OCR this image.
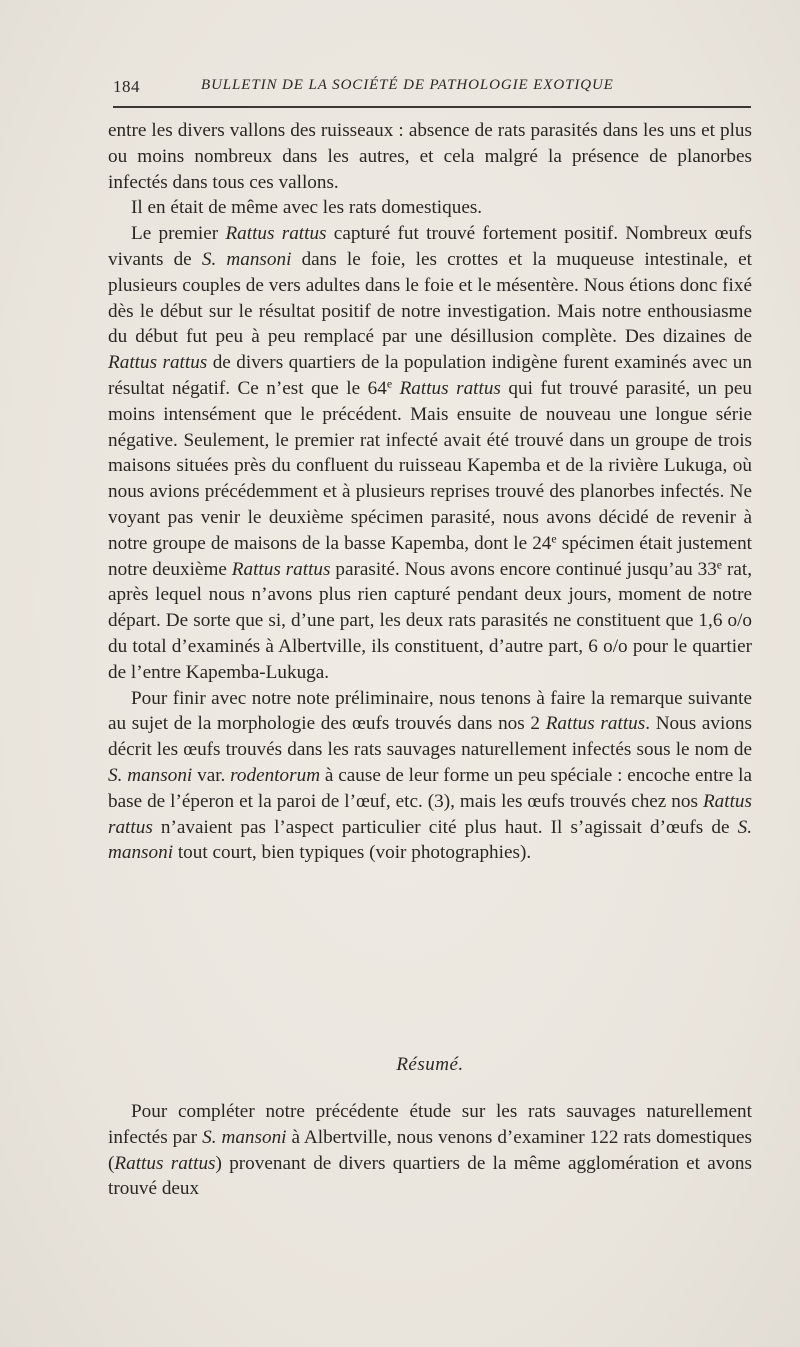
184	BULLETIN DE LA SOCIÉTÉ DE PATHOLOGIE EXOTIQUE

entre les divers vallons des ruisseaux : absence de rats parasités dans les uns et plus ou moins nombreux dans les autres, et cela malgré la présence de planorbes infectés dans tous ces vallons.

Il en était de même avec les rats domestiques.

Le premier Rattus rattus capturé fut trouvé fortement positif. Nombreux œufs vivants de S. mansoni dans le foie, les crottes et la muqueuse intestinale, et plusieurs couples de vers adultes dans le foie et le mésentère. Nous étions donc fixé dès le début sur le résultat positif de notre investigation. Mais notre enthousiasme du début fut peu à peu remplacé par une désillusion complète. Des dizaines de Rattus rattus de divers quartiers de la population indigène furent examinés avec un résultat négatif. Ce n’est que le 64e Rattus rattus qui fut trouvé parasité, un peu moins intensément que le précédent. Mais ensuite de nouveau une longue série négative. Seulement, le premier rat infecté avait été trouvé dans un groupe de trois maisons situées près du confluent du ruisseau Kapemba et de la rivière Lukuga, où nous avions précédemment et à plusieurs reprises trouvé des planorbes infectés. Ne voyant pas venir le deuxième spécimen parasité, nous avons décidé de revenir à notre groupe de maisons de la basse Kapemba, dont le 24e spécimen était justement notre deuxième Rattus rattus parasité. Nous avons encore continué jusqu’au 33e rat, après lequel nous n’avons plus rien capturé pendant deux jours, moment de notre départ. De sorte que si, d’une part, les deux rats parasités ne constituent que 1,6 o/o du total d’examinés à Albertville, ils constituent, d’autre part, 6 o/o pour le quartier de l’entre Kapemba-Lukuga.

Pour finir avec notre note préliminaire, nous tenons à faire la remarque suivante au sujet de la morphologie des œufs trouvés dans nos 2 Rattus rattus. Nous avions décrit les œufs trouvés dans les rats sauvages naturellement infectés sous le nom de S. mansoni var. rodentorum à cause de leur forme un peu spéciale : encoche entre la base de l’éperon et la paroi de l’œuf, etc. (3), mais les œufs trouvés chez nos Rattus rattus n’avaient pas l’aspect particulier cité plus haut. Il s’agissait d’œufs de S. mansoni tout court, bien typiques (voir photographies).

Résumé.

Pour compléter notre précédente étude sur les rats sauvages naturellement infectés par S. mansoni à Albertville, nous venons d’examiner 122 rats domestiques (Rattus rattus) provenant de divers quartiers de la même agglomération et avons trouvé deux
